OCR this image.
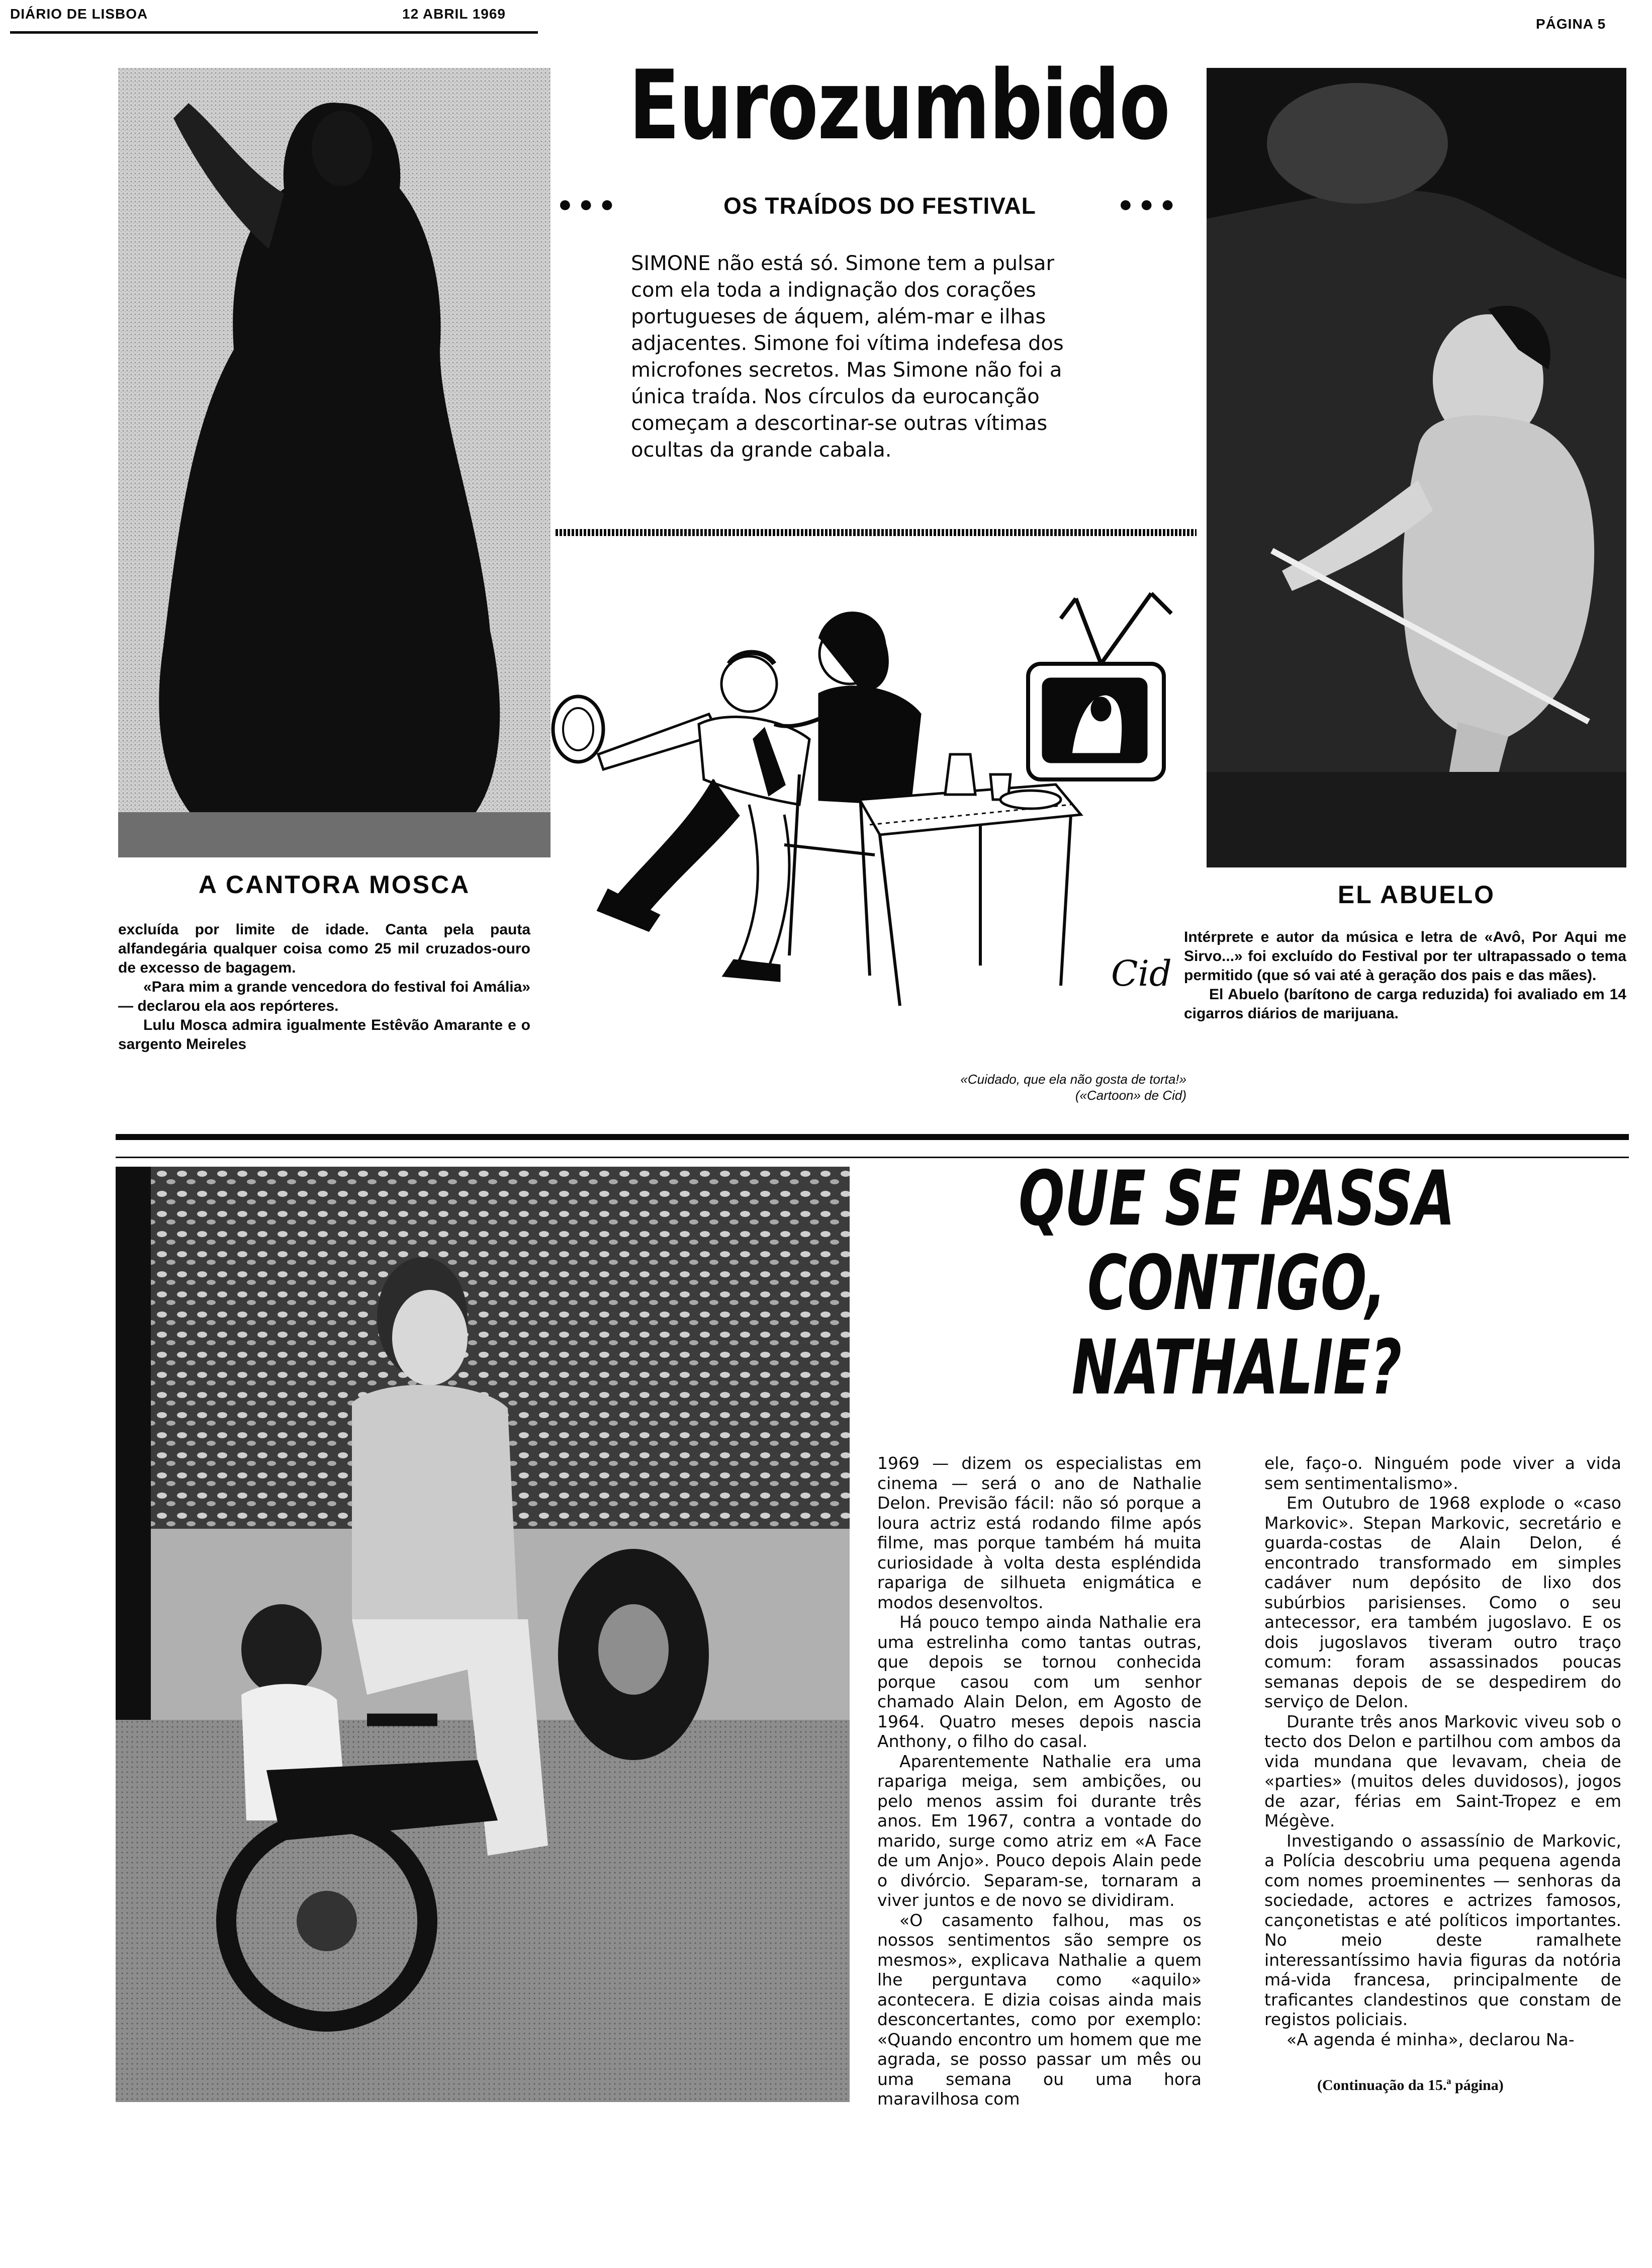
DIÁRIO DE LISBOA	12 ABRIL 1969
PÁGINA 5
Eurozumbido
●●●	OS TRAÍDOS DO FESTIVAL	●●●
SIMONE não está só. Simone tem a pulsar
com ela toda a indignação dos corações
portugueses de áquem, além-mar e ilhas
adjacentes. Simone foi vítima indefesa dos
microfones secretos. Mas Simone não foi a
única traída. Nos círculos da eurocanção
começam a descortinar-se outras vítimas
ocultas da grande cabala.
Cid
«Cuidado, que ela não gosta de torta!»
(«Cartoon» de Cid)
A CANTORA MOSCA
excluída por limite de idade. Canta pela pauta alfandegária qualquer coisa como 25 mil cruzados-ouro de excesso de bagagem.
«Para mim a grande vencedora do festival foi Amália» — declarou ela aos repórteres.
Lulu Mosca admira igualmente Estêvão Amarante e o sargento Meireles
EL ABUELO
Intérprete e autor da música e letra de «Avô, Por Aqui me Sirvo...» foi excluído do Festival por ter ultrapassado o tema permitido (que só vai até à geração dos pais e das mães).
El Abuelo (barítono de carga reduzida) foi avaliado em 14 cigarros diários de marijuana.
QUE SE PASSA
CONTIGO,
NATHALIE?

1969 — dizem os especialistas em cinema — será o ano de Nathalie Delon. Previsão fácil: não só porque a loura actriz está rodando filme após filme, mas porque também há muita curiosidade à volta desta espléndida rapariga de silhueta enigmática e modos desenvoltos.

Há pouco tempo ainda Nathalie era uma estrelinha como tantas outras, que depois se tornou conhecida porque casou com um senhor chamado Alain Delon, em Agosto de 1964. Quatro meses depois nascia Anthony, o filho do casal.

Aparentemente Nathalie era uma rapariga meiga, sem ambições, ou pelo menos assim foi durante três anos. Em 1967, contra a vontade do marido, surge como atriz em «A Face de um Anjo». Pouco depois Alain pede o divórcio. Separam-se, tornaram a viver juntos e de novo se dividiram.

«O casamento falhou, mas os nossos sentimentos são sempre os mesmos», explicava Nathalie a quem lhe perguntava como «aquilo» acontecera. E dizia coisas ainda mais desconcertantes, como por exemplo: «Quando encontro um homem que me agrada, se posso passar um mês ou uma semana ou uma hora maravilhosa com

ele, faço-o. Ninguém pode viver a vida sem sentimentalismo».

Em Outubro de 1968 explode o «caso Markovic». Stepan Markovic, secretário e guarda-costas de Alain Delon, é encontrado transformado em simples cadáver num depósito de lixo dos subúrbios parisienses. Como o seu antecessor, era também jugoslavo. E os dois jugoslavos tiveram outro traço comum: foram assassinados poucas semanas depois de se despedirem do serviço de Delon.

Durante três anos Markovic viveu sob o tecto dos Delon e partilhou com ambos da vida mundana que levavam, cheia de «parties» (muitos deles duvidosos), jogos de azar, férias em Saint-Tropez e em Mégève.

Investigando o assassínio de Markovic, a Polícia descobriu uma pequena agenda com nomes proeminentes — senhoras da sociedade, actores e actrizes famosos, cançonetistas e até políticos importantes. No meio deste ramalhete interessantíssimo havia figuras da notória má-vida francesa, principalmente de traficantes clandestinos que constam de registos policiais.

«A agenda é minha», declarou Na-

(Continuação da 15.ª página)
